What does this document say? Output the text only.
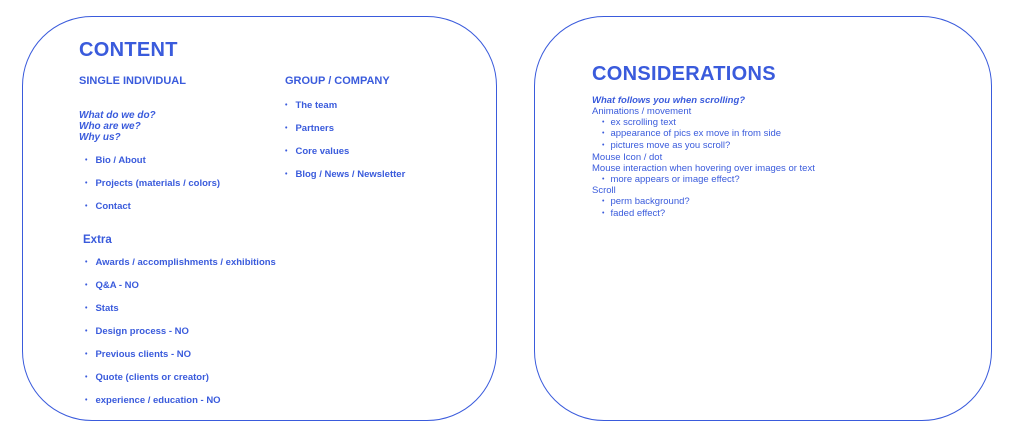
CONTENT
SINGLE INDIVIDUAL
What do we do?
Who are we?
Why us?
• Bio / About
• Projects (materials / colors)
• Contact
GROUP / COMPANY
• The team
• Partners
• Core values
• Blog / News / Newsletter
Extra
• Awards / accomplishments / exhibitions
• Q&A - NO
• Stats
• Design process - NO
• Previous clients - NO
• Quote (clients or creator)
• experience / education - NO
CONSIDERATIONS
What follows you when scrolling?
Animations / movement
• ex scrolling text
• appearance of pics ex move in from side
• pictures move as you scroll?
Mouse Icon / dot
Mouse interaction when hovering over images or text
• more appears or image effect?
Scroll
• perm background?
• faded effect?
